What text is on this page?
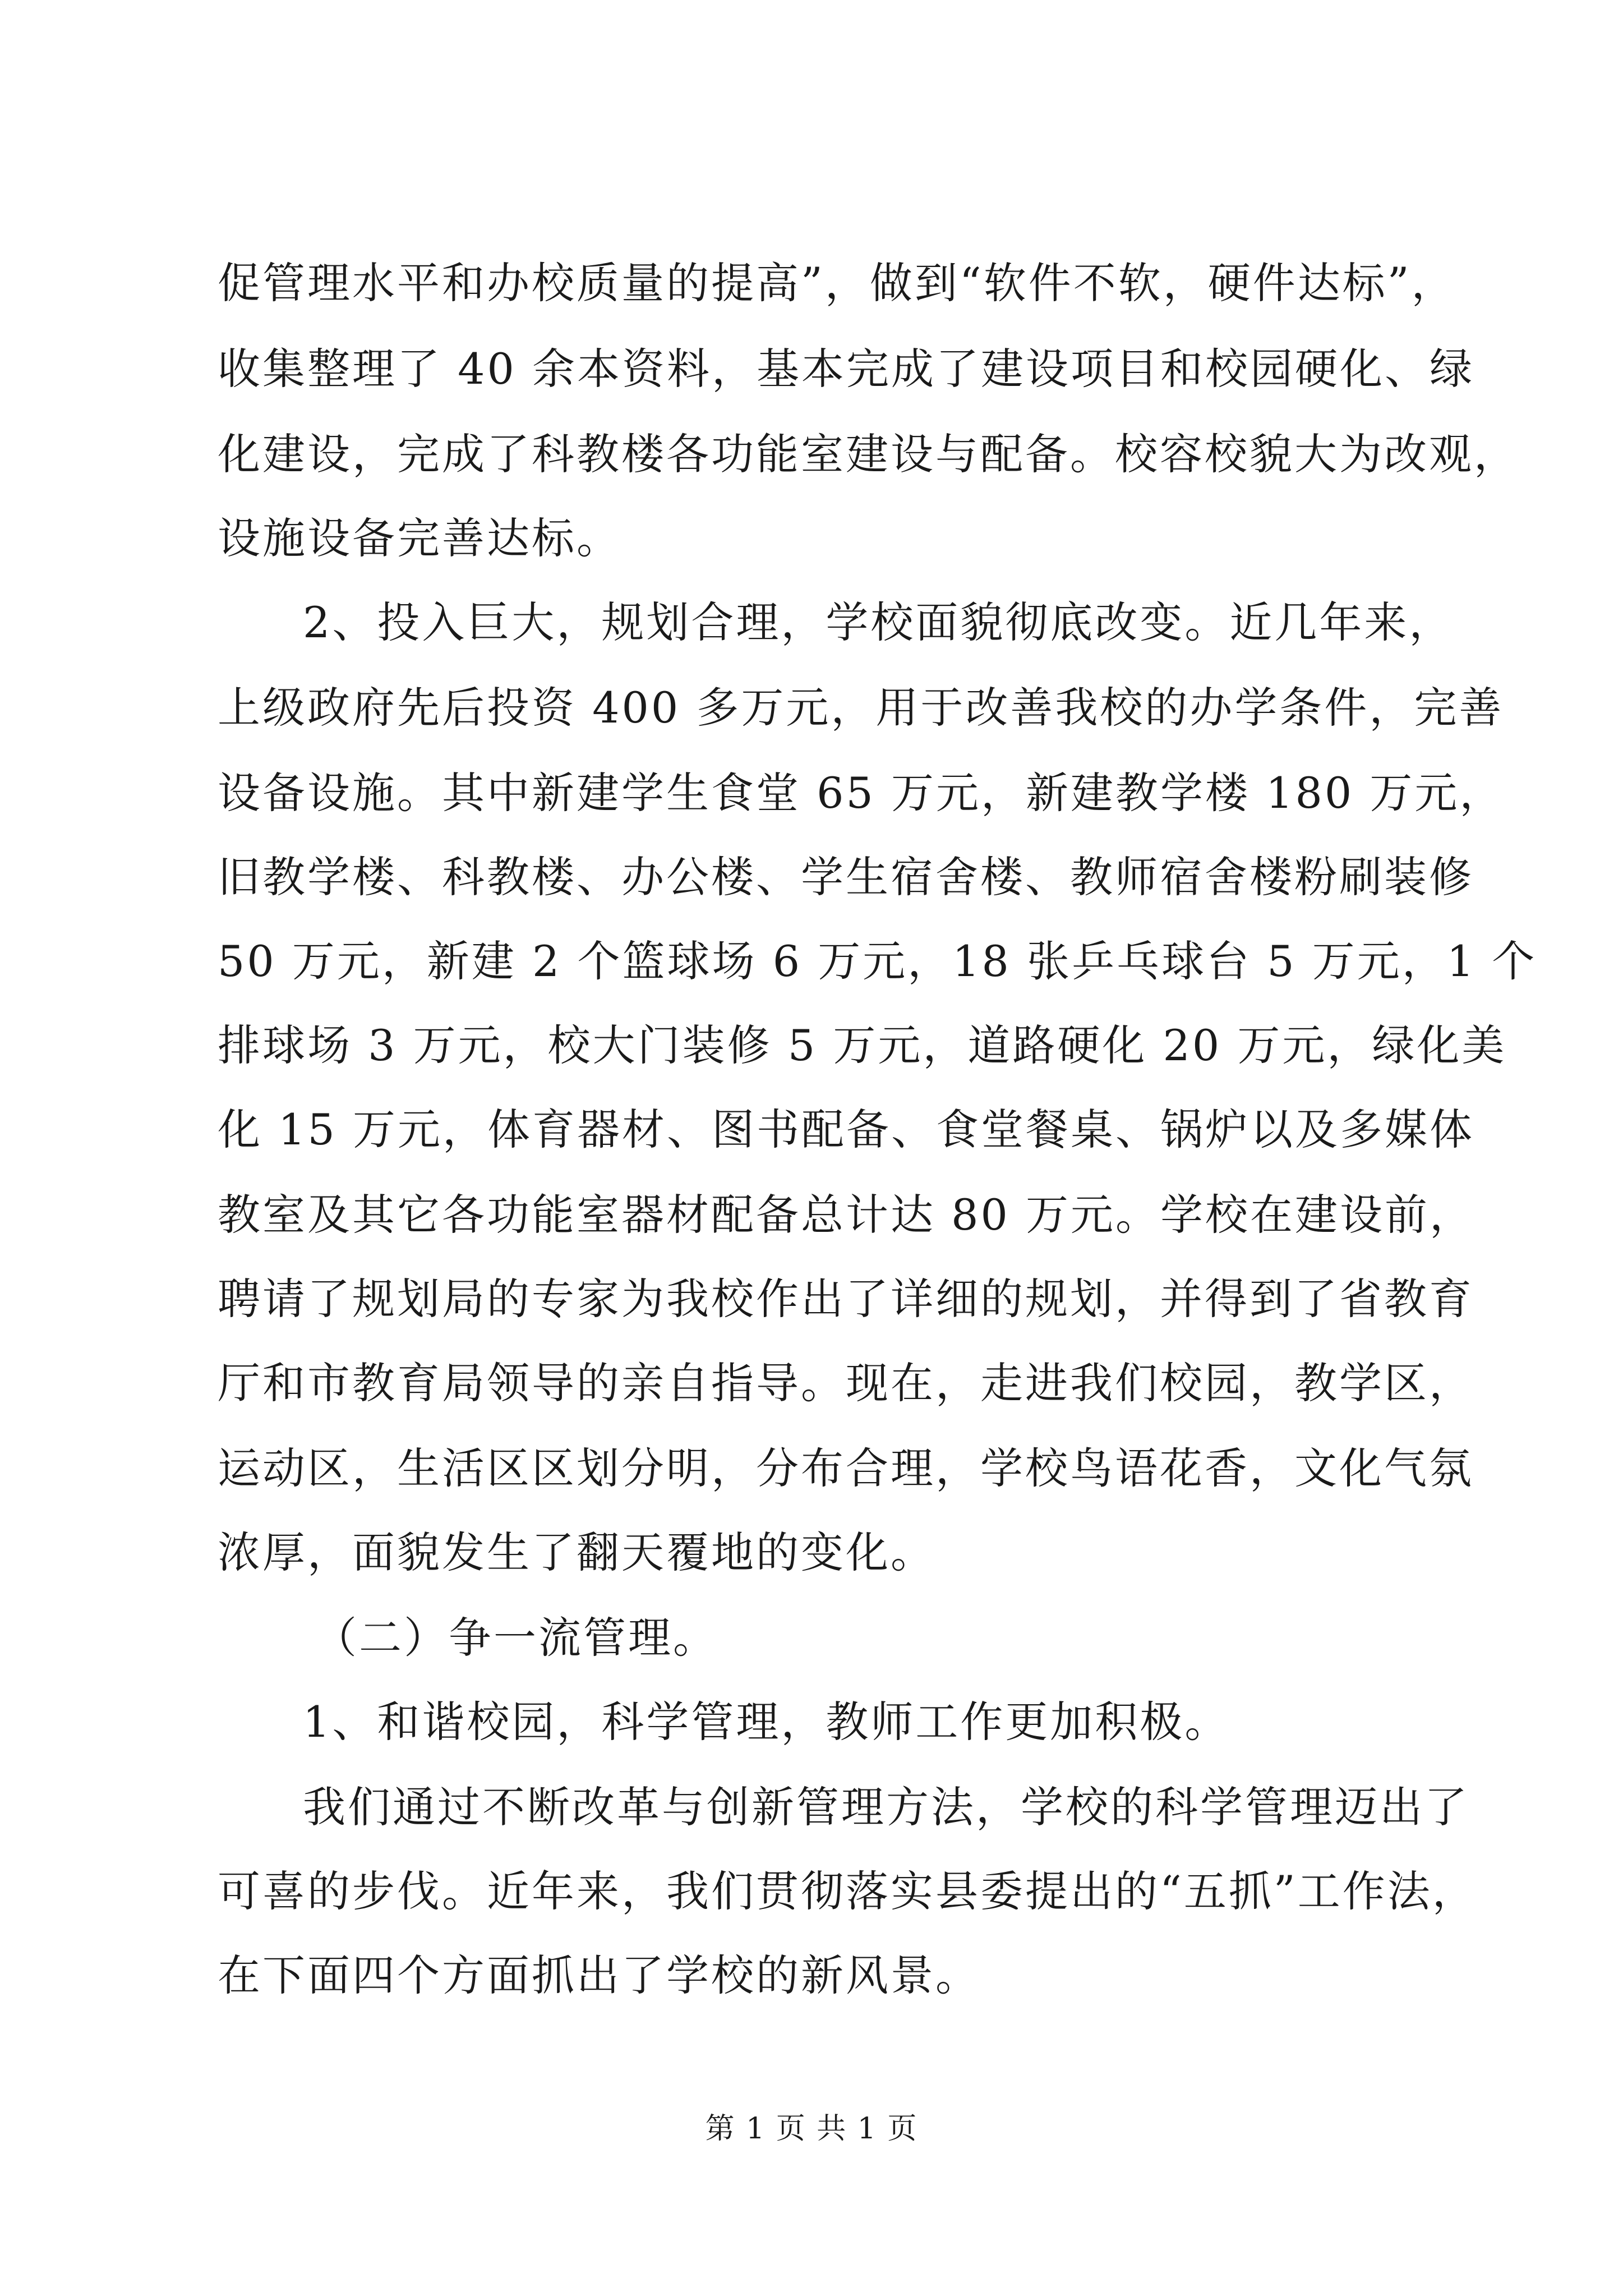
促管理水平和办校质量的提高”，做到“软件不软，硬件达标”，
收集整理了 40 余本资料，基本完成了建设项目和校园硬化、绿
化建设，完成了科教楼各功能室建设与配备。校容校貌大为改观，
设施设备完善达标。
2、投入巨大，规划合理，学校面貌彻底改变。近几年来，
上级政府先后投资 400 多万元，用于改善我校的办学条件，完善
设备设施。其中新建学生食堂 65 万元，新建教学楼 180 万元，
旧教学楼、科教楼、办公楼、学生宿舍楼、教师宿舍楼粉刷装修
50 万元，新建 2 个篮球场 6 万元，18 张乒乓球台 5 万元，1 个
排球场 3 万元，校大门装修 5 万元，道路硬化 20 万元，绿化美
化 15 万元，体育器材、图书配备、食堂餐桌、锅炉以及多媒体
教室及其它各功能室器材配备总计达 80 万元。学校在建设前，
聘请了规划局的专家为我校作出了详细的规划，并得到了省教育
厅和市教育局领导的亲自指导。现在，走进我们校园，教学区，
运动区，生活区区划分明，分布合理，学校鸟语花香，文化气氛
浓厚，面貌发生了翻天覆地的变化。
（二）争一流管理。
1、和谐校园，科学管理，教师工作更加积极。
我们通过不断改革与创新管理方法，学校的科学管理迈出了
可喜的步伐。近年来，我们贯彻落实县委提出的“五抓”工作法，
在下面四个方面抓出了学校的新风景。
第 1 页 共 1 页
